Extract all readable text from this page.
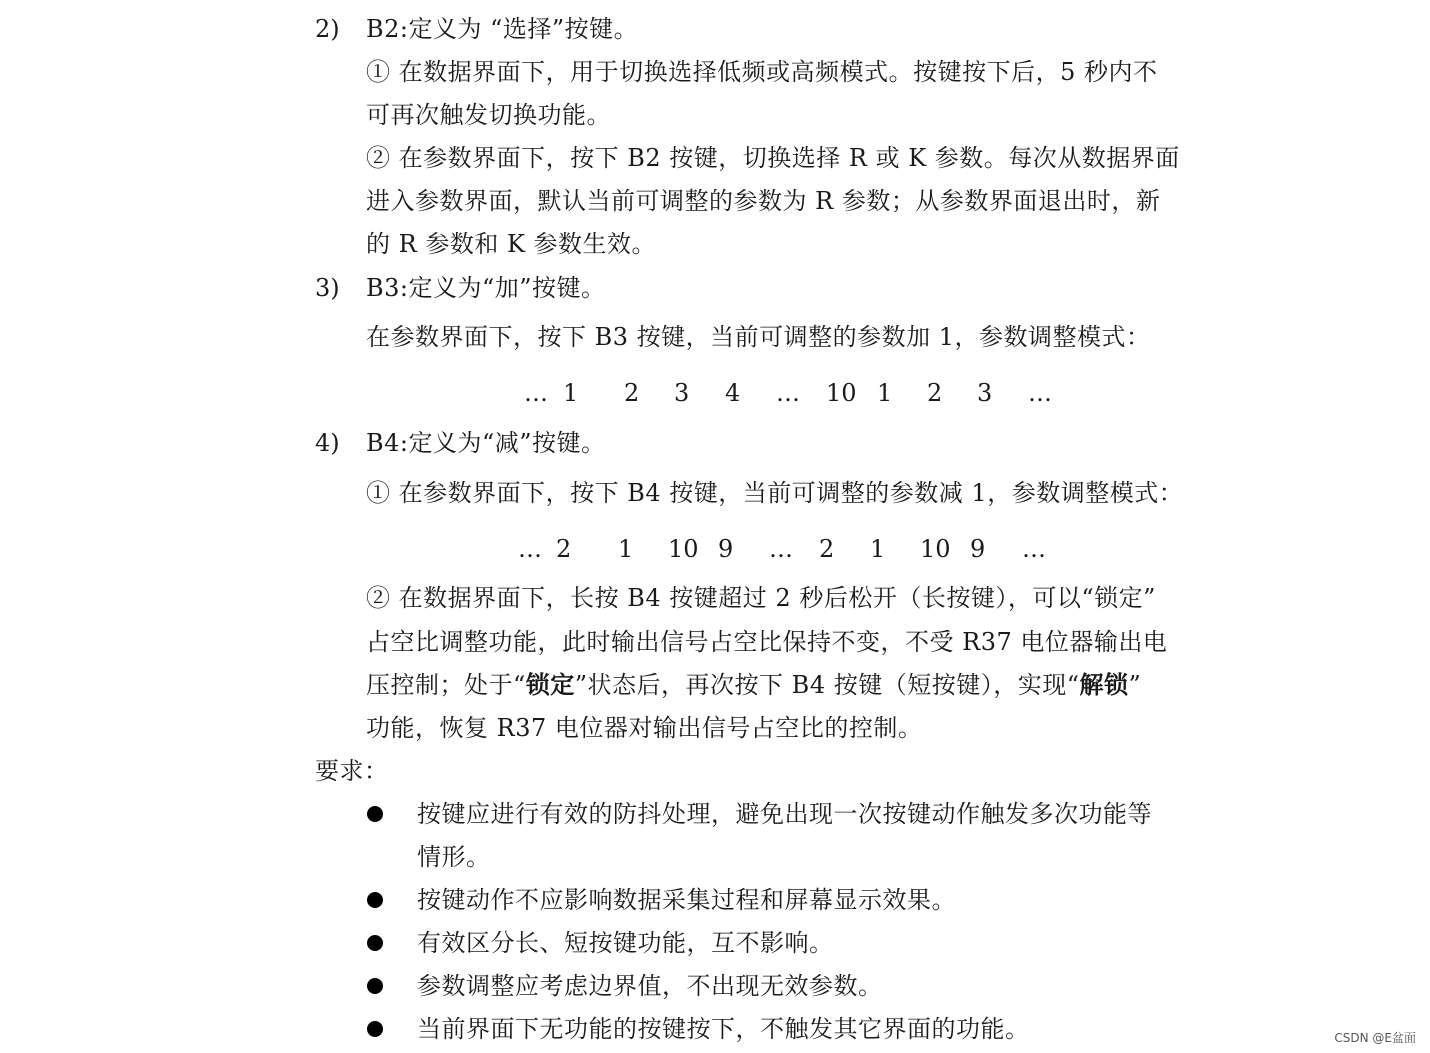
2) B2:定义为 “选择”按键。
① 在数据界面下，用于切换选择低频或高频模式。按键按下后，5 秒内不
可再次触发切换功能。
② 在参数界面下，按下 B2 按键，切换选择 R 或 K 参数。每次从数据界面
进入参数界面，默认当前可调整的参数为 R 参数；从参数界面退出时，新
的 R 参数和 K 参数生效。
3) B3:定义为“加”按键。
在参数界面下，按下 B3 按键，当前可调整的参数加 1，参数调整模式：
… 1 2 3 4 … 10 1 2 3 …
4) B4:定义为“减”按键。
① 在参数界面下，按下 B4 按键，当前可调整的参数减 1，参数调整模式：
… 2 1 10 9 … 2 1 10 9 …
② 在数据界面下，长按 B4 按键超过 2 秒后松开（长按键），可以“锁定”
占空比调整功能，此时输出信号占空比保持不变，不受 R37 电位器输出电
压控制；处于“锁定”状态后，再次按下 B4 按键（短按键），实现“解锁”
功能，恢复 R37 电位器对输出信号占空比的控制。
要求：
按键应进行有效的防抖处理，避免出现一次按键动作触发多次功能等
情形。
按键动作不应影响数据采集过程和屏幕显示效果。
有效区分长、短按键功能，互不影响。
参数调整应考虑边界值，不出现无效参数。
当前界面下无功能的按键按下，不触发其它界面的功能。	CSDN @E盆面
